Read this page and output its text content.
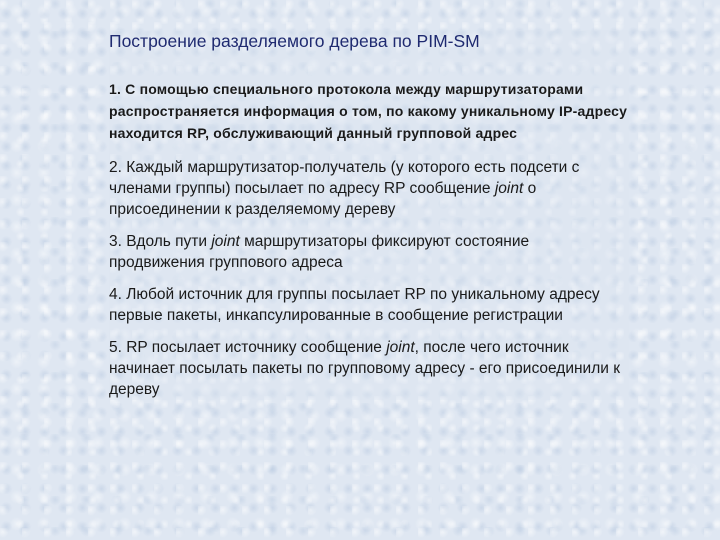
Построение разделяемого дерева по PIM-SM

1. С помощью специального протокола между маршрутизаторами распространяется информация о том, по какому уникальному IP-адресу находится RP, обслуживающий данный групповой адрес

2. Каждый маршрутизатор-получатель (у которого есть подсети с членами группы) посылает по адресу RP сообщение joint о присоединении к разделяемому дереву

3. Вдоль пути joint маршрутизаторы фиксируют состояние продвижения группового адреса

4. Любой источник для группы посылает RP по уникальному адресу первые пакеты, инкапсулированные в сообщение регистрации

5. RP посылает источнику сообщение joint, после чего источник начинает посылать пакеты по групповому адресу - его присоединили к дереву
